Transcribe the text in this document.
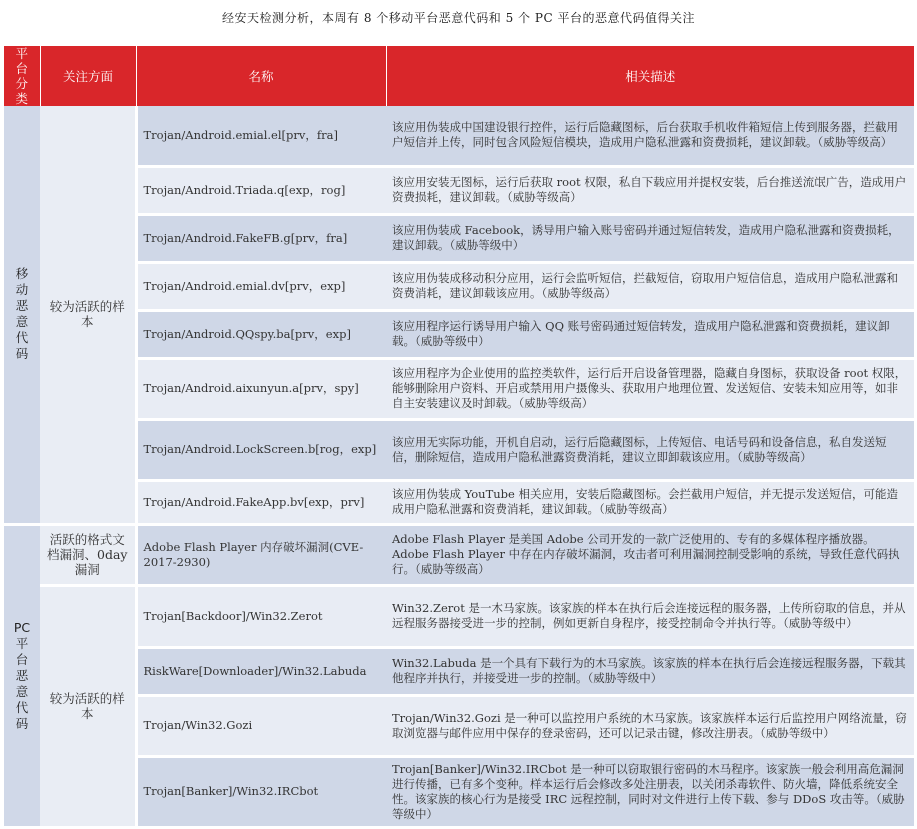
经安天检测分析，本周有 8 个移动平台恶意代码和 5 个 PC 平台的恶意代码值得关注
平台分类	关注方面	名称	相关描述
移动恶意代码	较为活跃的样本	Trojan/Android.emial.el[prv，fra]	该应用伪装成中国建设银行控件，运行后隐藏图标，后台获取手机收件箱短信上传到服务器，拦截用户短信并上传，同时包含风险短信模块，造成用户隐私泄露和资费损耗，建议卸载。（威胁等级高）
		Trojan/Android.Triada.q[exp，rog]	该应用安装无图标，运行后获取 root 权限，私自下载应用并提权安装，后台推送流氓广告，造成用户资费损耗，建议卸载。（威胁等级高）
		Trojan/Android.FakeFB.g[prv，fra]	该应用伪装成 Facebook，诱导用户输入账号密码并通过短信转发，造成用户隐私泄露和资费损耗，建议卸载。（威胁等级中）
		Trojan/Android.emial.dv[prv，exp]	该应用伪装成移动积分应用，运行会监听短信，拦截短信，窃取用户短信信息，造成用户隐私泄露和资费消耗，建议卸载该应用。（威胁等级高）
		Trojan/Android.QQspy.ba[prv，exp]	该应用程序运行诱导用户输入 QQ 账号密码通过短信转发，造成用户隐私泄露和资费损耗，建议卸载。（威胁等级中）
		Trojan/Android.aixunyun.a[prv，spy]	该应用程序为企业使用的监控类软件，运行后开启设备管理器，隐藏自身图标，获取设备 root 权限，能够删除用户资料、开启或禁用用户摄像头、获取用户地理位置、发送短信、安装未知应用等，如非自主安装建议及时卸载。（威胁等级高）
		Trojan/Android.LockScreen.b[rog，exp]	该应用无实际功能，开机自启动，运行后隐藏图标，上传短信、电话号码和设备信息，私自发送短信，删除短信，造成用户隐私泄露资费消耗，建议立即卸载该应用。（威胁等级高）
		Trojan/Android.FakeApp.bv[exp，prv]	该应用伪装成 YouTube 相关应用，安装后隐藏图标。会拦截用户短信，并无提示发送短信，可能造成用户隐私泄露和资费消耗，建议卸载。（威胁等级高）
PC平台恶意代码	活跃的格式文档漏洞、0day 漏洞	Adobe Flash Player 内存破坏漏洞(CVE-2017-2930)	Adobe Flash Player 是美国 Adobe 公司开发的一款广泛使用的、专有的多媒体程序播放器。Adobe Flash Player 中存在内存破坏漏洞，攻击者可利用漏洞控制受影响的系统，导致任意代码执行。（威胁等级高）
	较为活跃的样本	Trojan[Backdoor]/Win32.Zerot	Win32.Zerot 是一木马家族。该家族的样本在执行后会连接远程的服务器，上传所窃取的信息，并从远程服务器接受进一步的控制，例如更新自身程序，接受控制命令并执行等。（威胁等级中）
		RiskWare[Downloader]/Win32.Labuda	Win32.Labuda 是一个具有下载行为的木马家族。该家族的样本在执行后会连接远程服务器，下载其他程序并执行，并接受进一步的控制。（威胁等级中）
		Trojan/Win32.Gozi	Trojan/Win32.Gozi 是一种可以监控用户系统的木马家族。该家族样本运行后监控用户网络流量，窃取浏览器与邮件应用中保存的登录密码，还可以记录击键，修改注册表。（威胁等级中）
		Trojan[Banker]/Win32.IRCbot	Trojan[Banker]/Win32.IRCbot 是一种可以窃取银行密码的木马程序。该家族一般会利用高危漏洞进行传播，已有多个变种。样本运行后会修改多处注册表，以关闭杀毒软件、防火墙，降低系统安全性。该家族的核心行为是接受 IRC 远程控制，同时对文件进行上传下载、参与 DDoS 攻击等。（威胁等级中）
